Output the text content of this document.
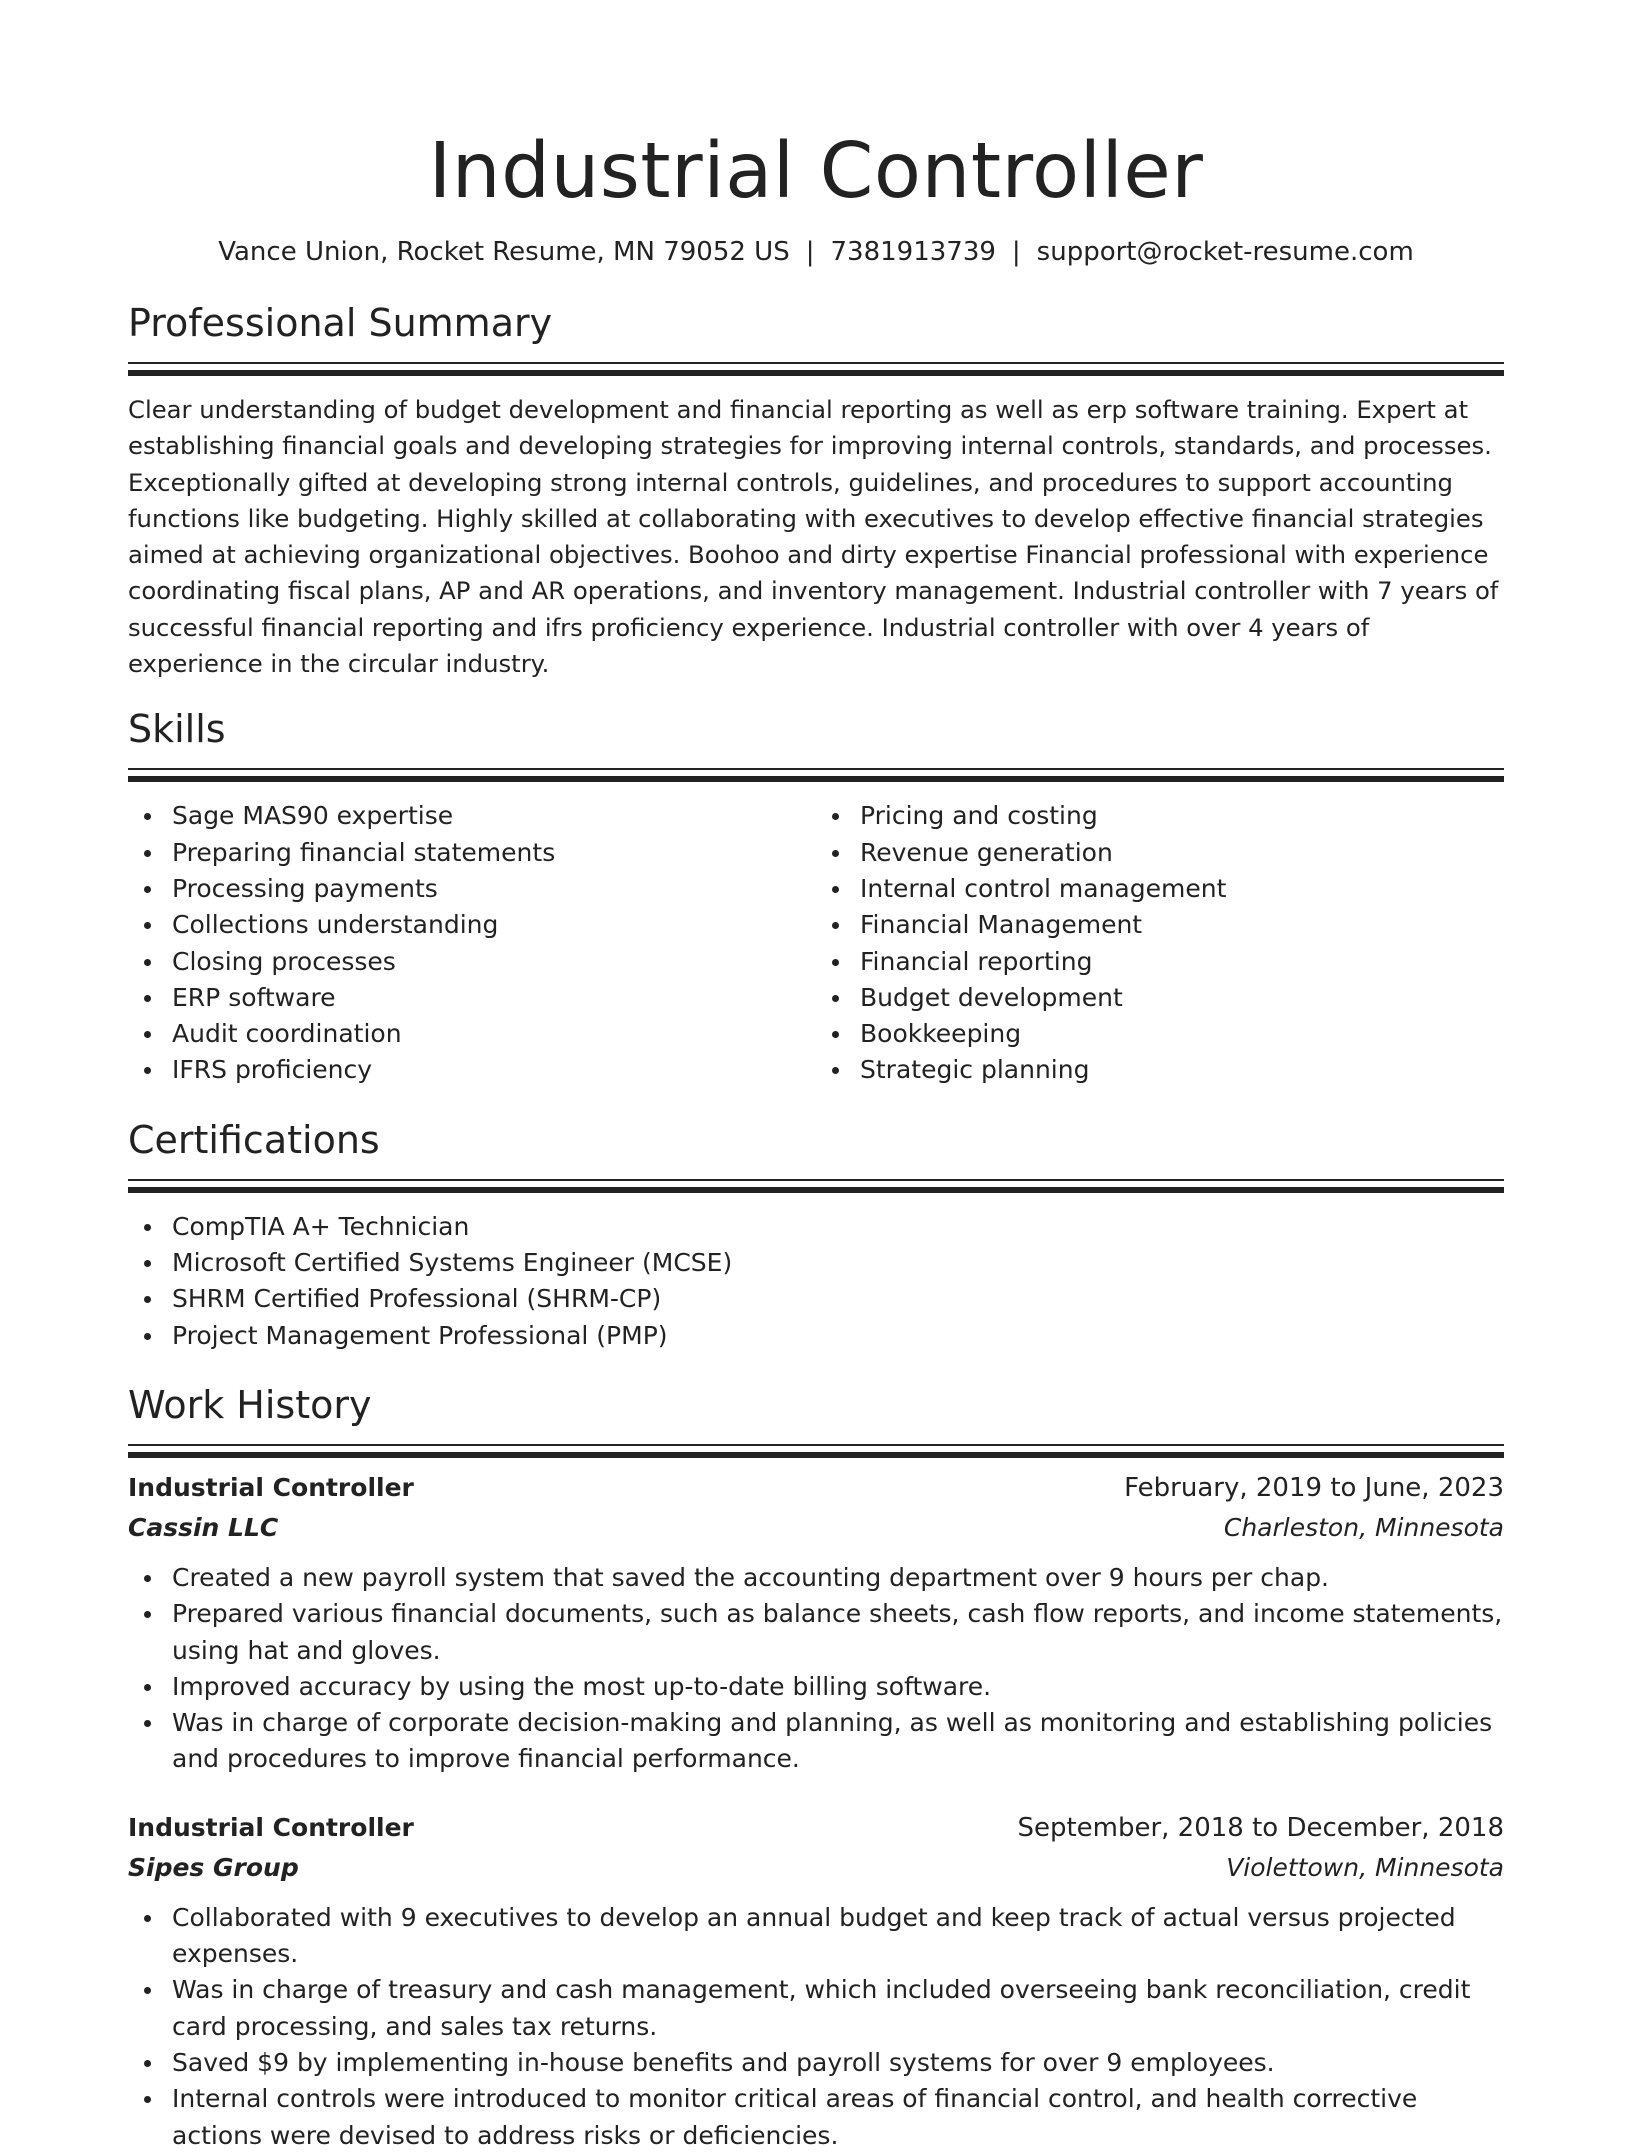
Industrial Controller
Vance Union, Rocket Resume, MN 79052 US | 7381913739 | support@rocket-resume.com
Professional Summary

Clear understanding of budget development and financial reporting as well as erp software training. Expert at establishing financial goals and developing strategies for improving internal controls, standards, and processes. Exceptionally gifted at developing strong internal controls, guidelines, and procedures to support accounting functions like budgeting. Highly skilled at collaborating with executives to develop effective financial strategies aimed at achieving organizational objectives. Boohoo and dirty expertise Financial professional with experience coordinating fiscal plans, AP and AR operations, and inventory management. Industrial controller with 7 years of successful financial reporting and ifrs proficiency experience. Industrial controller with over 4 years of experience in the circular industry.

Skills
Sage MAS90 expertise
Preparing financial statements
Processing payments
Collections understanding
Closing processes
ERP software
Audit coordination
IFRS proficiency
Pricing and costing
Revenue generation
Internal control management
Financial Management
Financial reporting
Budget development
Bookkeeping
Strategic planning
Certifications
CompTIA A+ Technician
Microsoft Certified Systems Engineer (MCSE)
SHRM Certified Professional (SHRM-CP)
Project Management Professional (PMP)
Work History
Industrial Controller	February, 2019 to June, 2023
Cassin LLC	Charleston, Minnesota
Created a new payroll system that saved the accounting department over 9 hours per chap.
Prepared various financial documents, such as balance sheets, cash flow reports, and income statements, using hat and gloves.
Improved accuracy by using the most up-to-date billing software.
Was in charge of corporate decision-making and planning, as well as monitoring and establishing policies and procedures to improve financial performance.
Industrial Controller	September, 2018 to December, 2018
Sipes Group	Violettown, Minnesota
Collaborated with 9 executives to develop an annual budget and keep track of actual versus projected expenses.
Was in charge of treasury and cash management, which included overseeing bank reconciliation, credit card processing, and sales tax returns.
Saved $9 by implementing in-house benefits and payroll systems for over 9 employees.
Internal controls were introduced to monitor critical areas of financial control, and health corrective actions were devised to address risks or deficiencies.
